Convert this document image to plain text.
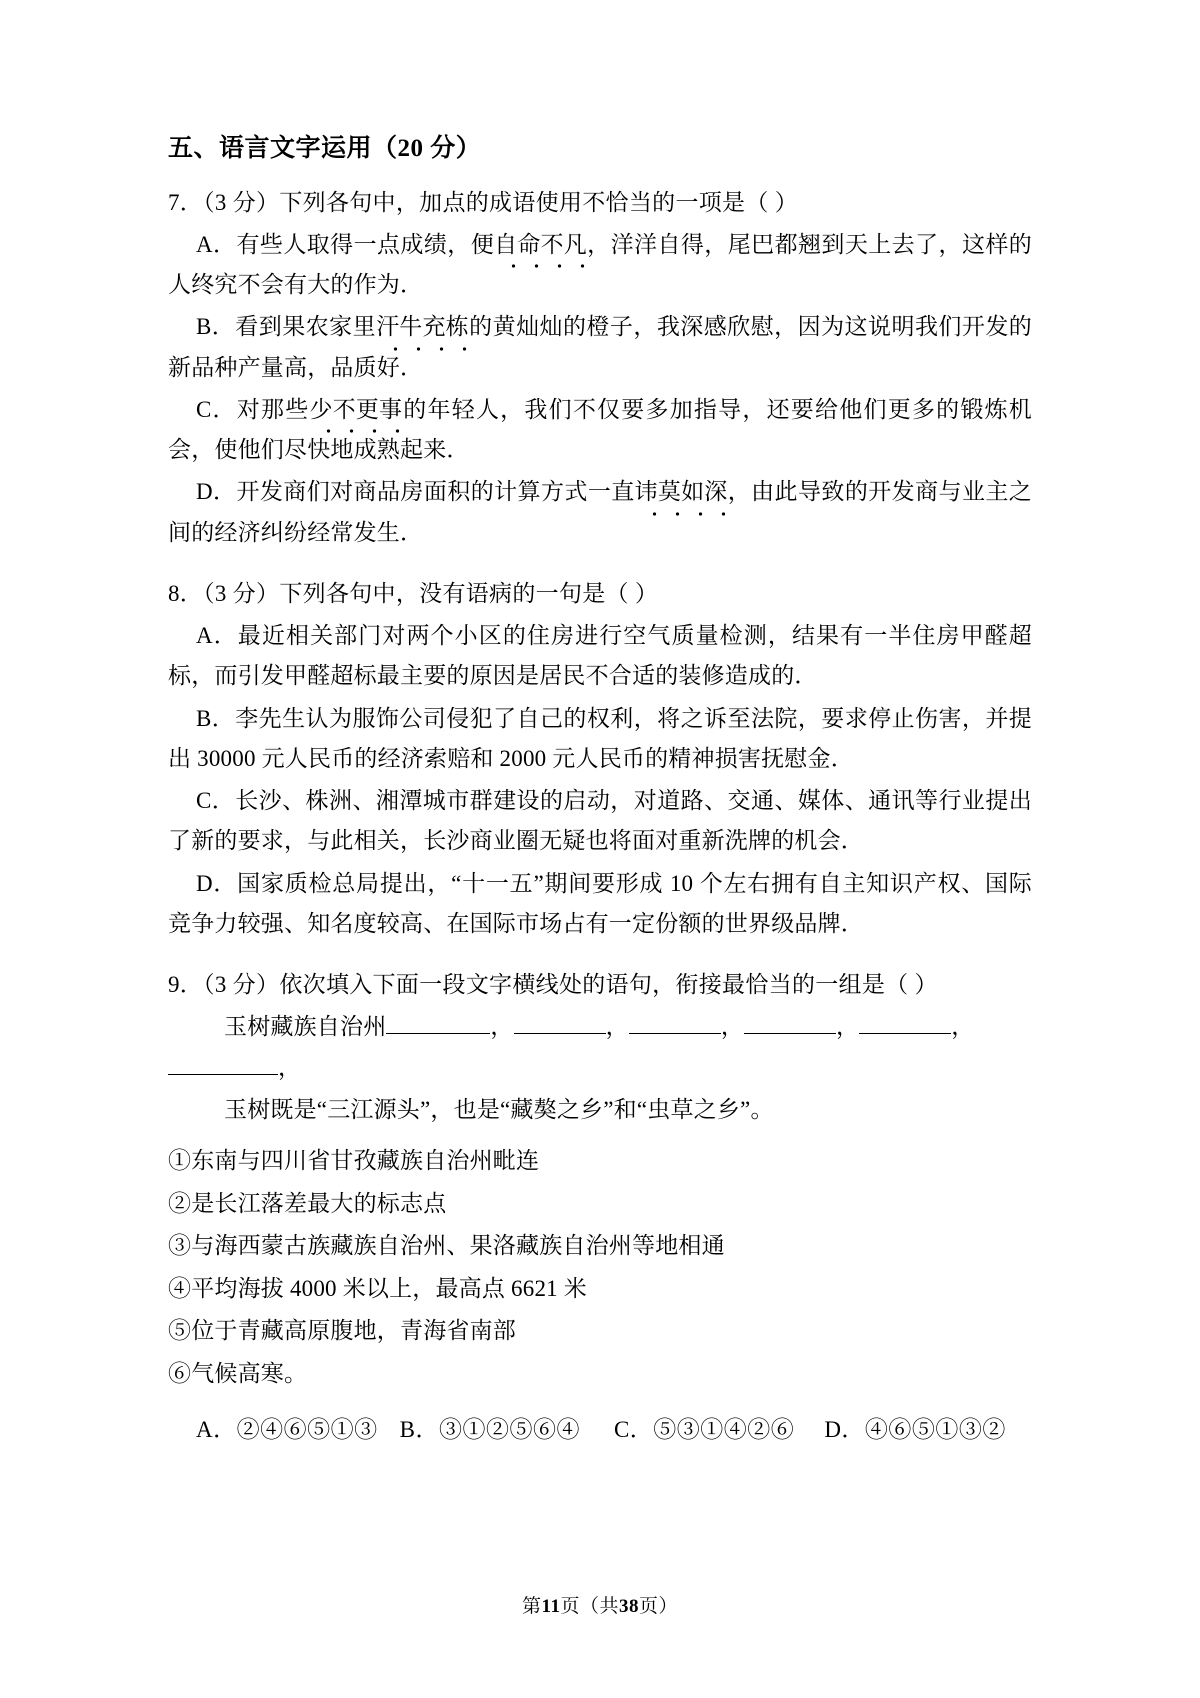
五、语言文字运用（20 分）
7．（3 分）下列各句中，加点的成语使用不恰当的一项是（ ）
A．有些人取得一点成绩，便自命不凡，洋洋自得，尾巴都翘到天上去了，这样的人终究不会有大的作为．
B．看到果农家里汗牛充栋的黄灿灿的橙子，我深感欣慰，因为这说明我们开发的新品种产量高，品质好．
C．对那些少不更事的年轻人，我们不仅要多加指导，还要给他们更多的锻炼机会，使他们尽快地成熟起来．
D．开发商们对商品房面积的计算方式一直讳莫如深，由此导致的开发商与业主之间的经济纠纷经常发生．
8．（3 分）下列各句中，没有语病的一句是（ ）
A．最近相关部门对两个小区的住房进行空气质量检测，结果有一半住房甲醛超标，而引发甲醛超标最主要的原因是居民不合适的装修造成的．
B．李先生认为服饰公司侵犯了自己的权利，将之诉至法院，要求停止伤害，并提出 30000 元人民币的经济索赔和 2000 元人民币的精神损害抚慰金．
C．长沙、株洲、湘潭城市群建设的启动，对道路、交通、媒体、通讯等行业提出了新的要求，与此相关，长沙商业圈无疑也将面对重新洗牌的机会．
D．国家质检总局提出，“十一五”期间要形成 10 个左右拥有自主知识产权、国际竞争力较强、知名度较高、在国际市场占有一定份额的世界级品牌．
9．（3 分）依次填入下面一段文字横线处的语句，衔接最恰当的一组是（ ）
玉树藏族自治州	，	，	，	，	，，
玉树既是“三江源头”，也是“藏獒之乡”和“虫草之乡”。
①东南与四川省甘孜藏族自治州毗连
②是长江落差最大的标志点
③与海西蒙古族藏族自治州、果洛藏族自治州等地相通
④平均海拔 4000 米以上，最高点 6621 米
⑤位于青藏高原腹地，青海省南部
⑥气候高寒。
A．②④⑥⑤①③ B．③①②⑤⑥④ C．⑤③①④②⑥ D．④⑥⑤①③②
第11页（共38页）
